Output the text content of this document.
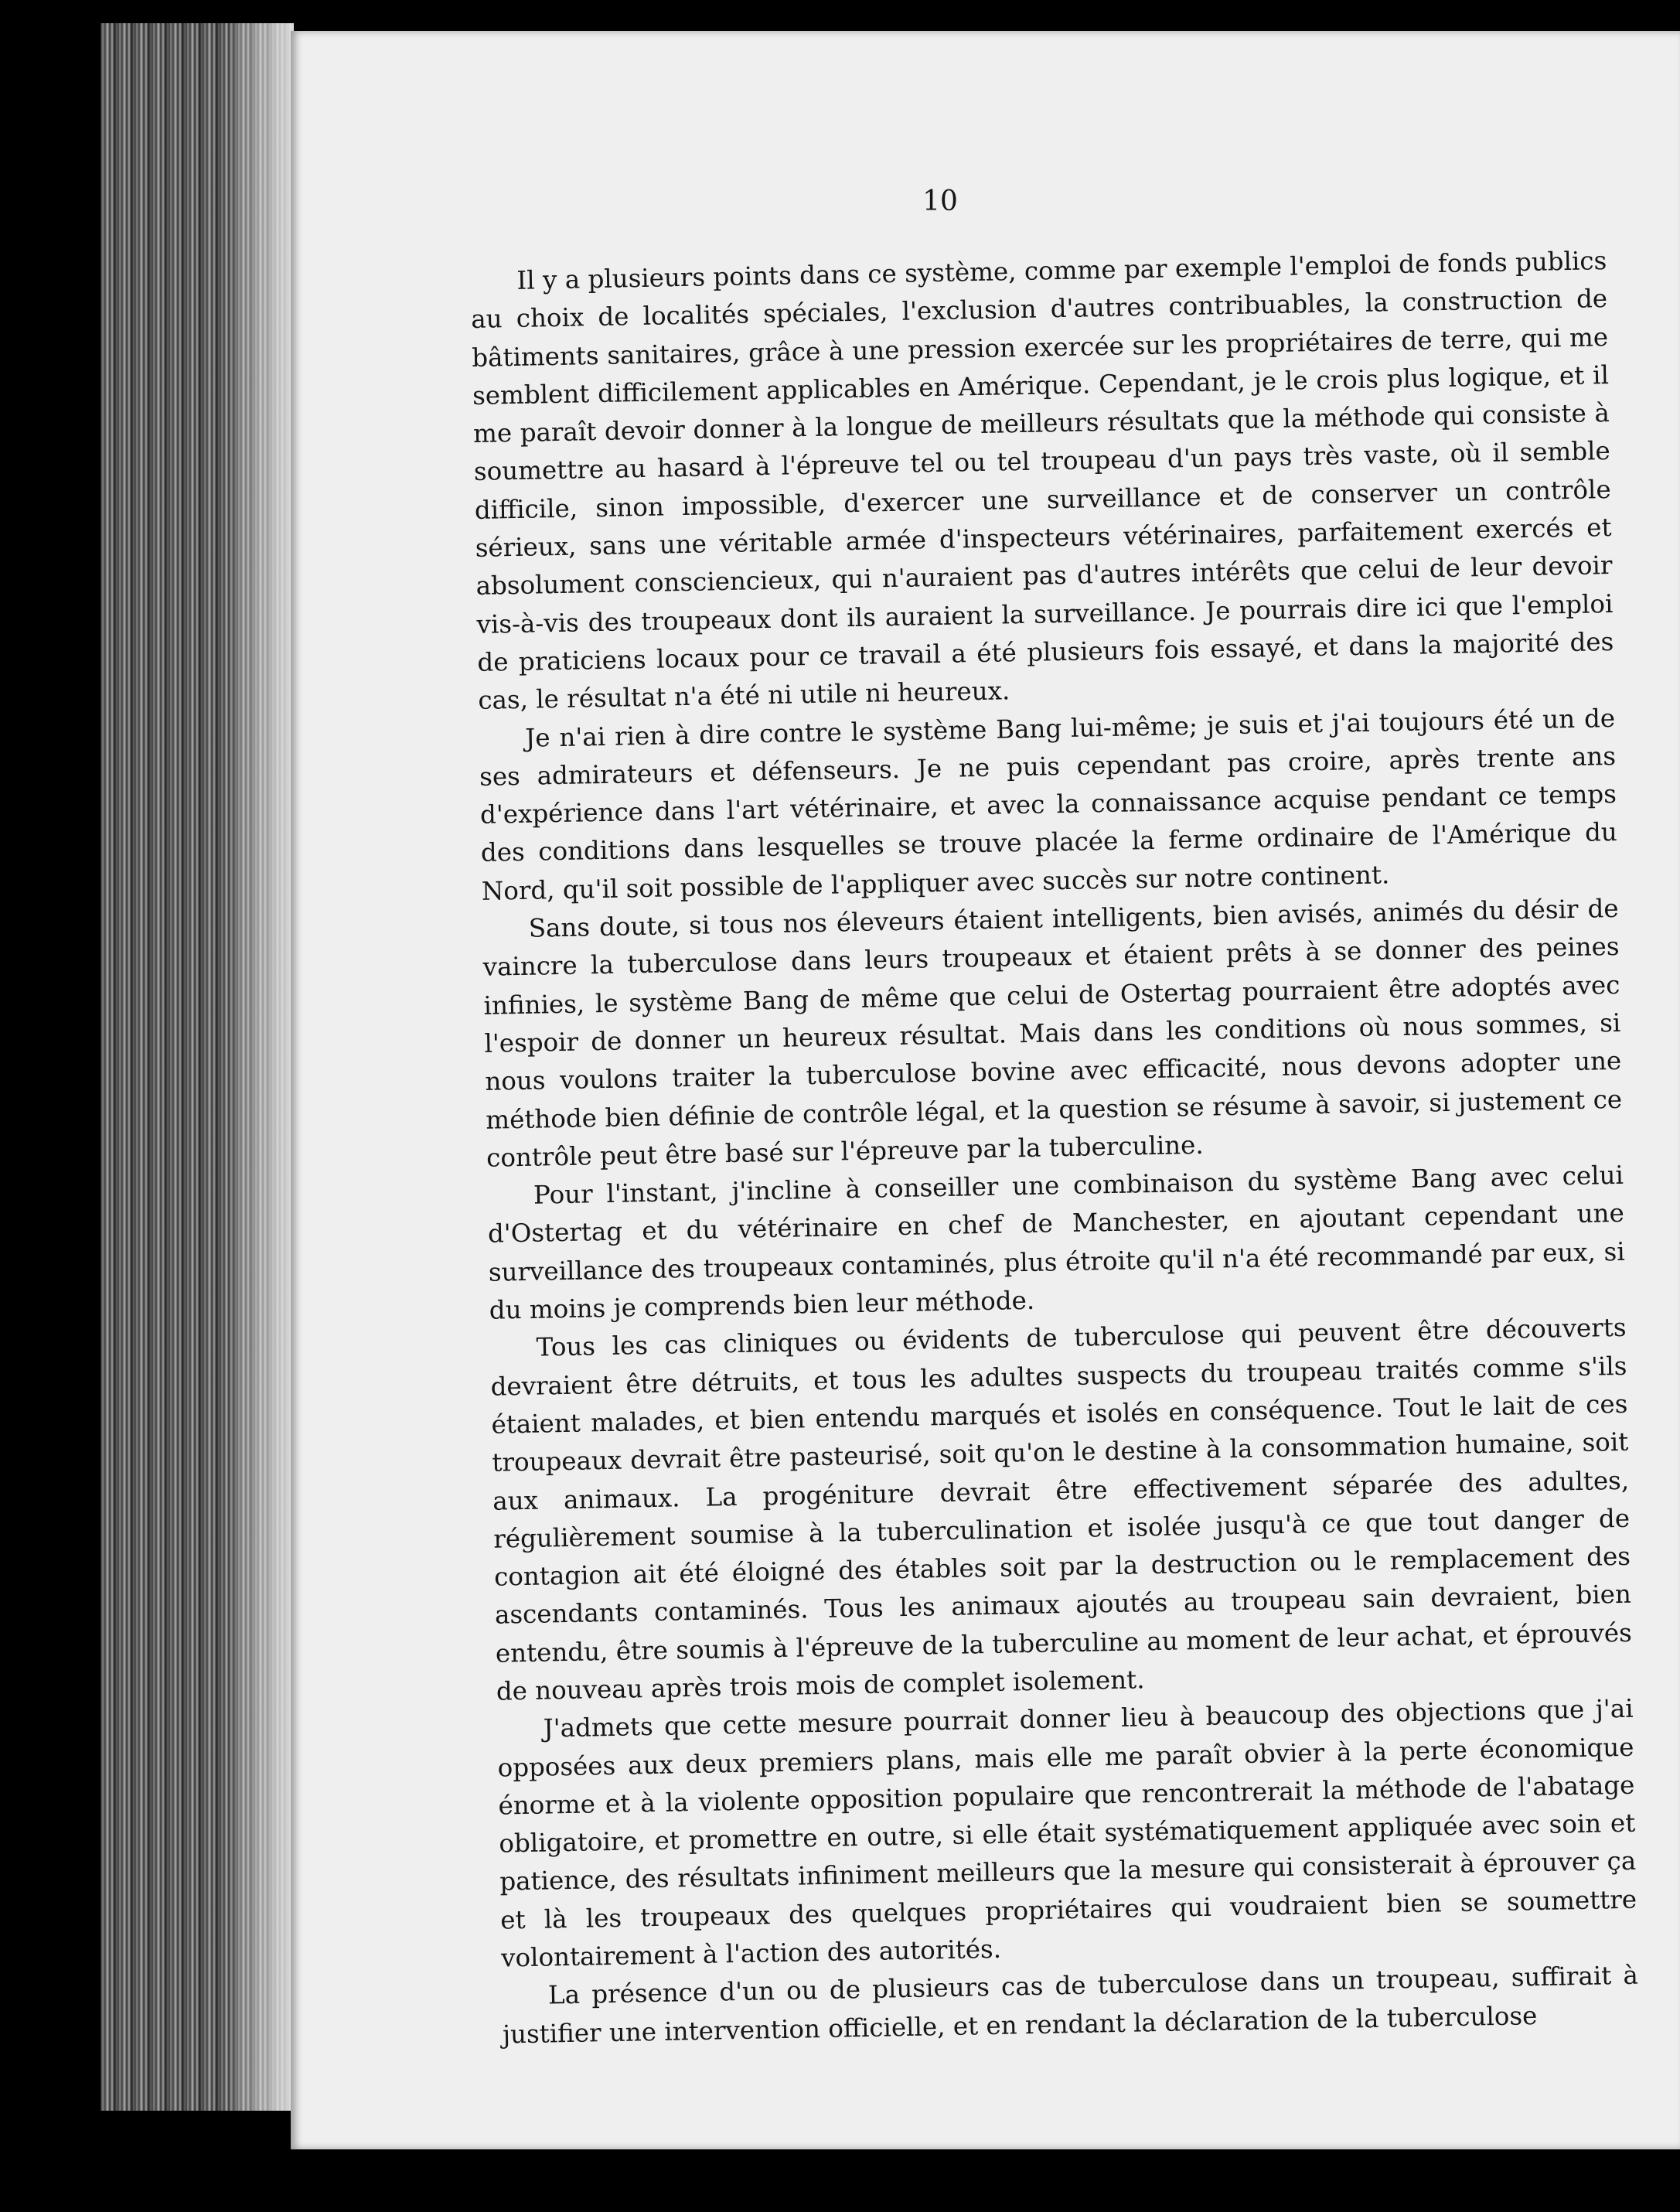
10

Il y a plusieurs points dans ce système, comme par exemple l'emploi de fonds publics au choix de localités spéciales, l'exclusion d'autres contribuables, la construction de bâtiments sanitaires, grâce à une pression exercée sur les propriétaires de terre, qui me semblent difficilement applicables en Amérique. Cependant, je le crois plus logique, et il me paraît devoir donner à la longue de meilleurs résultats que la méthode qui consiste à soumettre au hasard à l'épreuve tel ou tel troupeau d'un pays très vaste, où il semble difficile, sinon impossible, d'exercer une surveillance et de conserver un contrôle sérieux, sans une véritable armée d'inspecteurs vétérinaires, parfaitement exercés et absolument consciencieux, qui n'auraient pas d'autres intérêts que celui de leur devoir vis-à-vis des troupeaux dont ils auraient la surveillance. Je pourrais dire ici que l'emploi de praticiens locaux pour ce travail a été plusieurs fois essayé, et dans la majorité des cas, le résultat n'a été ni utile ni heureux.

Je n'ai rien à dire contre le système Bang lui-même; je suis et j'ai toujours été un de ses admirateurs et défenseurs. Je ne puis cependant pas croire, après trente ans d'expérience dans l'art vétérinaire, et avec la connaissance acquise pendant ce temps des conditions dans lesquelles se trouve placée la ferme ordinaire de l'Amérique du Nord, qu'il soit possible de l'appliquer avec succès sur notre continent.

Sans doute, si tous nos éleveurs étaient intelligents, bien avisés, animés du désir de vaincre la tuberculose dans leurs troupeaux et étaient prêts à se donner des peines infinies, le système Bang de même que celui de Ostertag pourraient être adoptés avec l'espoir de donner un heureux résultat. Mais dans les conditions où nous sommes, si nous voulons traiter la tuberculose bovine avec efficacité, nous devons adopter une méthode bien définie de contrôle légal, et la question se résume à savoir, si justement ce contrôle peut être basé sur l'épreuve par la tuberculine.

Pour l'instant, j'incline à conseiller une combinaison du système Bang avec celui d'Ostertag et du vétérinaire en chef de Manchester, en ajoutant cependant une surveillance des troupeaux contaminés, plus étroite qu'il n'a été recommandé par eux, si du moins je comprends bien leur méthode.

Tous les cas cliniques ou évidents de tuberculose qui peuvent être découverts devraient être détruits, et tous les adultes suspects du troupeau traités comme s'ils étaient malades, et bien entendu marqués et isolés en conséquence. Tout le lait de ces troupeaux devrait être pasteurisé, soit qu'on le destine à la consommation humaine, soit aux animaux. La progéniture devrait être effectivement séparée des adultes, régulièrement soumise à la tuberculination et isolée jusqu'à ce que tout danger de contagion ait été éloigné des étables soit par la destruction ou le remplacement des ascendants contaminés. Tous les animaux ajoutés au troupeau sain devraient, bien entendu, être soumis à l'épreuve de la tuberculine au moment de leur achat, et éprouvés de nouveau après trois mois de complet isolement.

J'admets que cette mesure pourrait donner lieu à beaucoup des objections que j'ai opposées aux deux premiers plans, mais elle me paraît obvier à la perte économique énorme et à la violente opposition populaire que rencontrerait la méthode de l'abatage obligatoire, et promettre en outre, si elle était systématiquement appliquée avec soin et patience, des résultats infiniment meilleurs que la mesure qui consisterait à éprouver ça et là les troupeaux des quelques propriétaires qui voudraient bien se soumettre volontairement à l'action des autorités.

La présence d'un ou de plusieurs cas de tuberculose dans un troupeau, suffirait à justifier une intervention officielle, et en rendant la déclaration de la tuberculose
